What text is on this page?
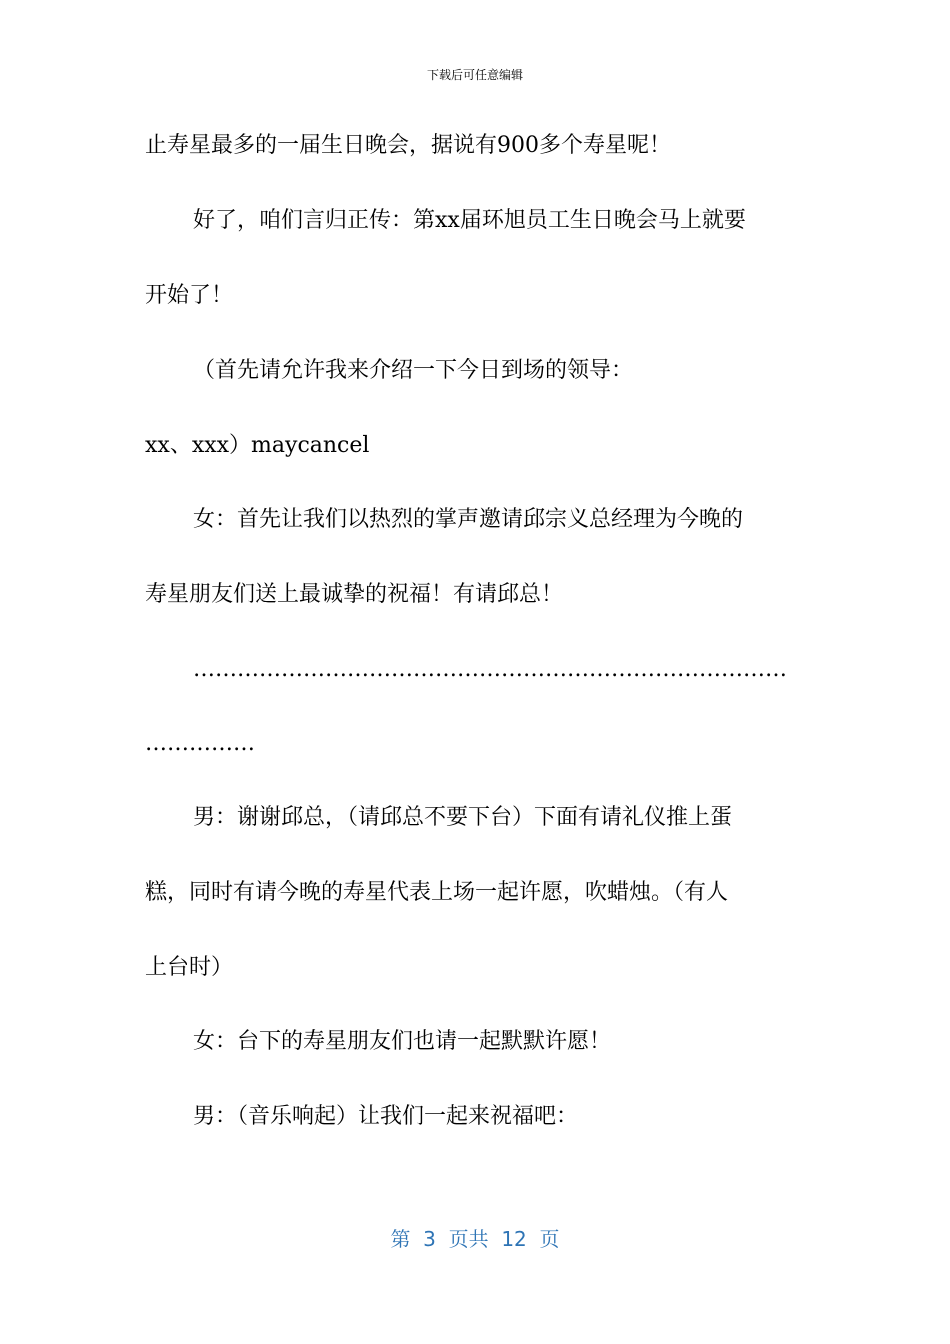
下载后可任意编辑
止寿星最多的一届生日晚会，据说有900多个寿星呢！
好了，咱们言归正传：第xx届环旭员工生日晚会马上就要
开始了！
（首先请允许我来介绍一下今日到场的领导：
xx、xxx）maycancel
女：首先让我们以热烈的掌声邀请邱宗义总经理为今晚的
寿星朋友们送上最诚挚的祝福！有请邱总！
………………………………………………………………………
……………
男：谢谢邱总，（请邱总不要下台）下面有请礼仪推上蛋
糕，同时有请今晚的寿星代表上场一起许愿，吹蜡烛。（有人
上台时）
女：台下的寿星朋友们也请一起默默许愿！
男：（音乐响起）让我们一起来祝福吧：
第  3  页共  12  页
